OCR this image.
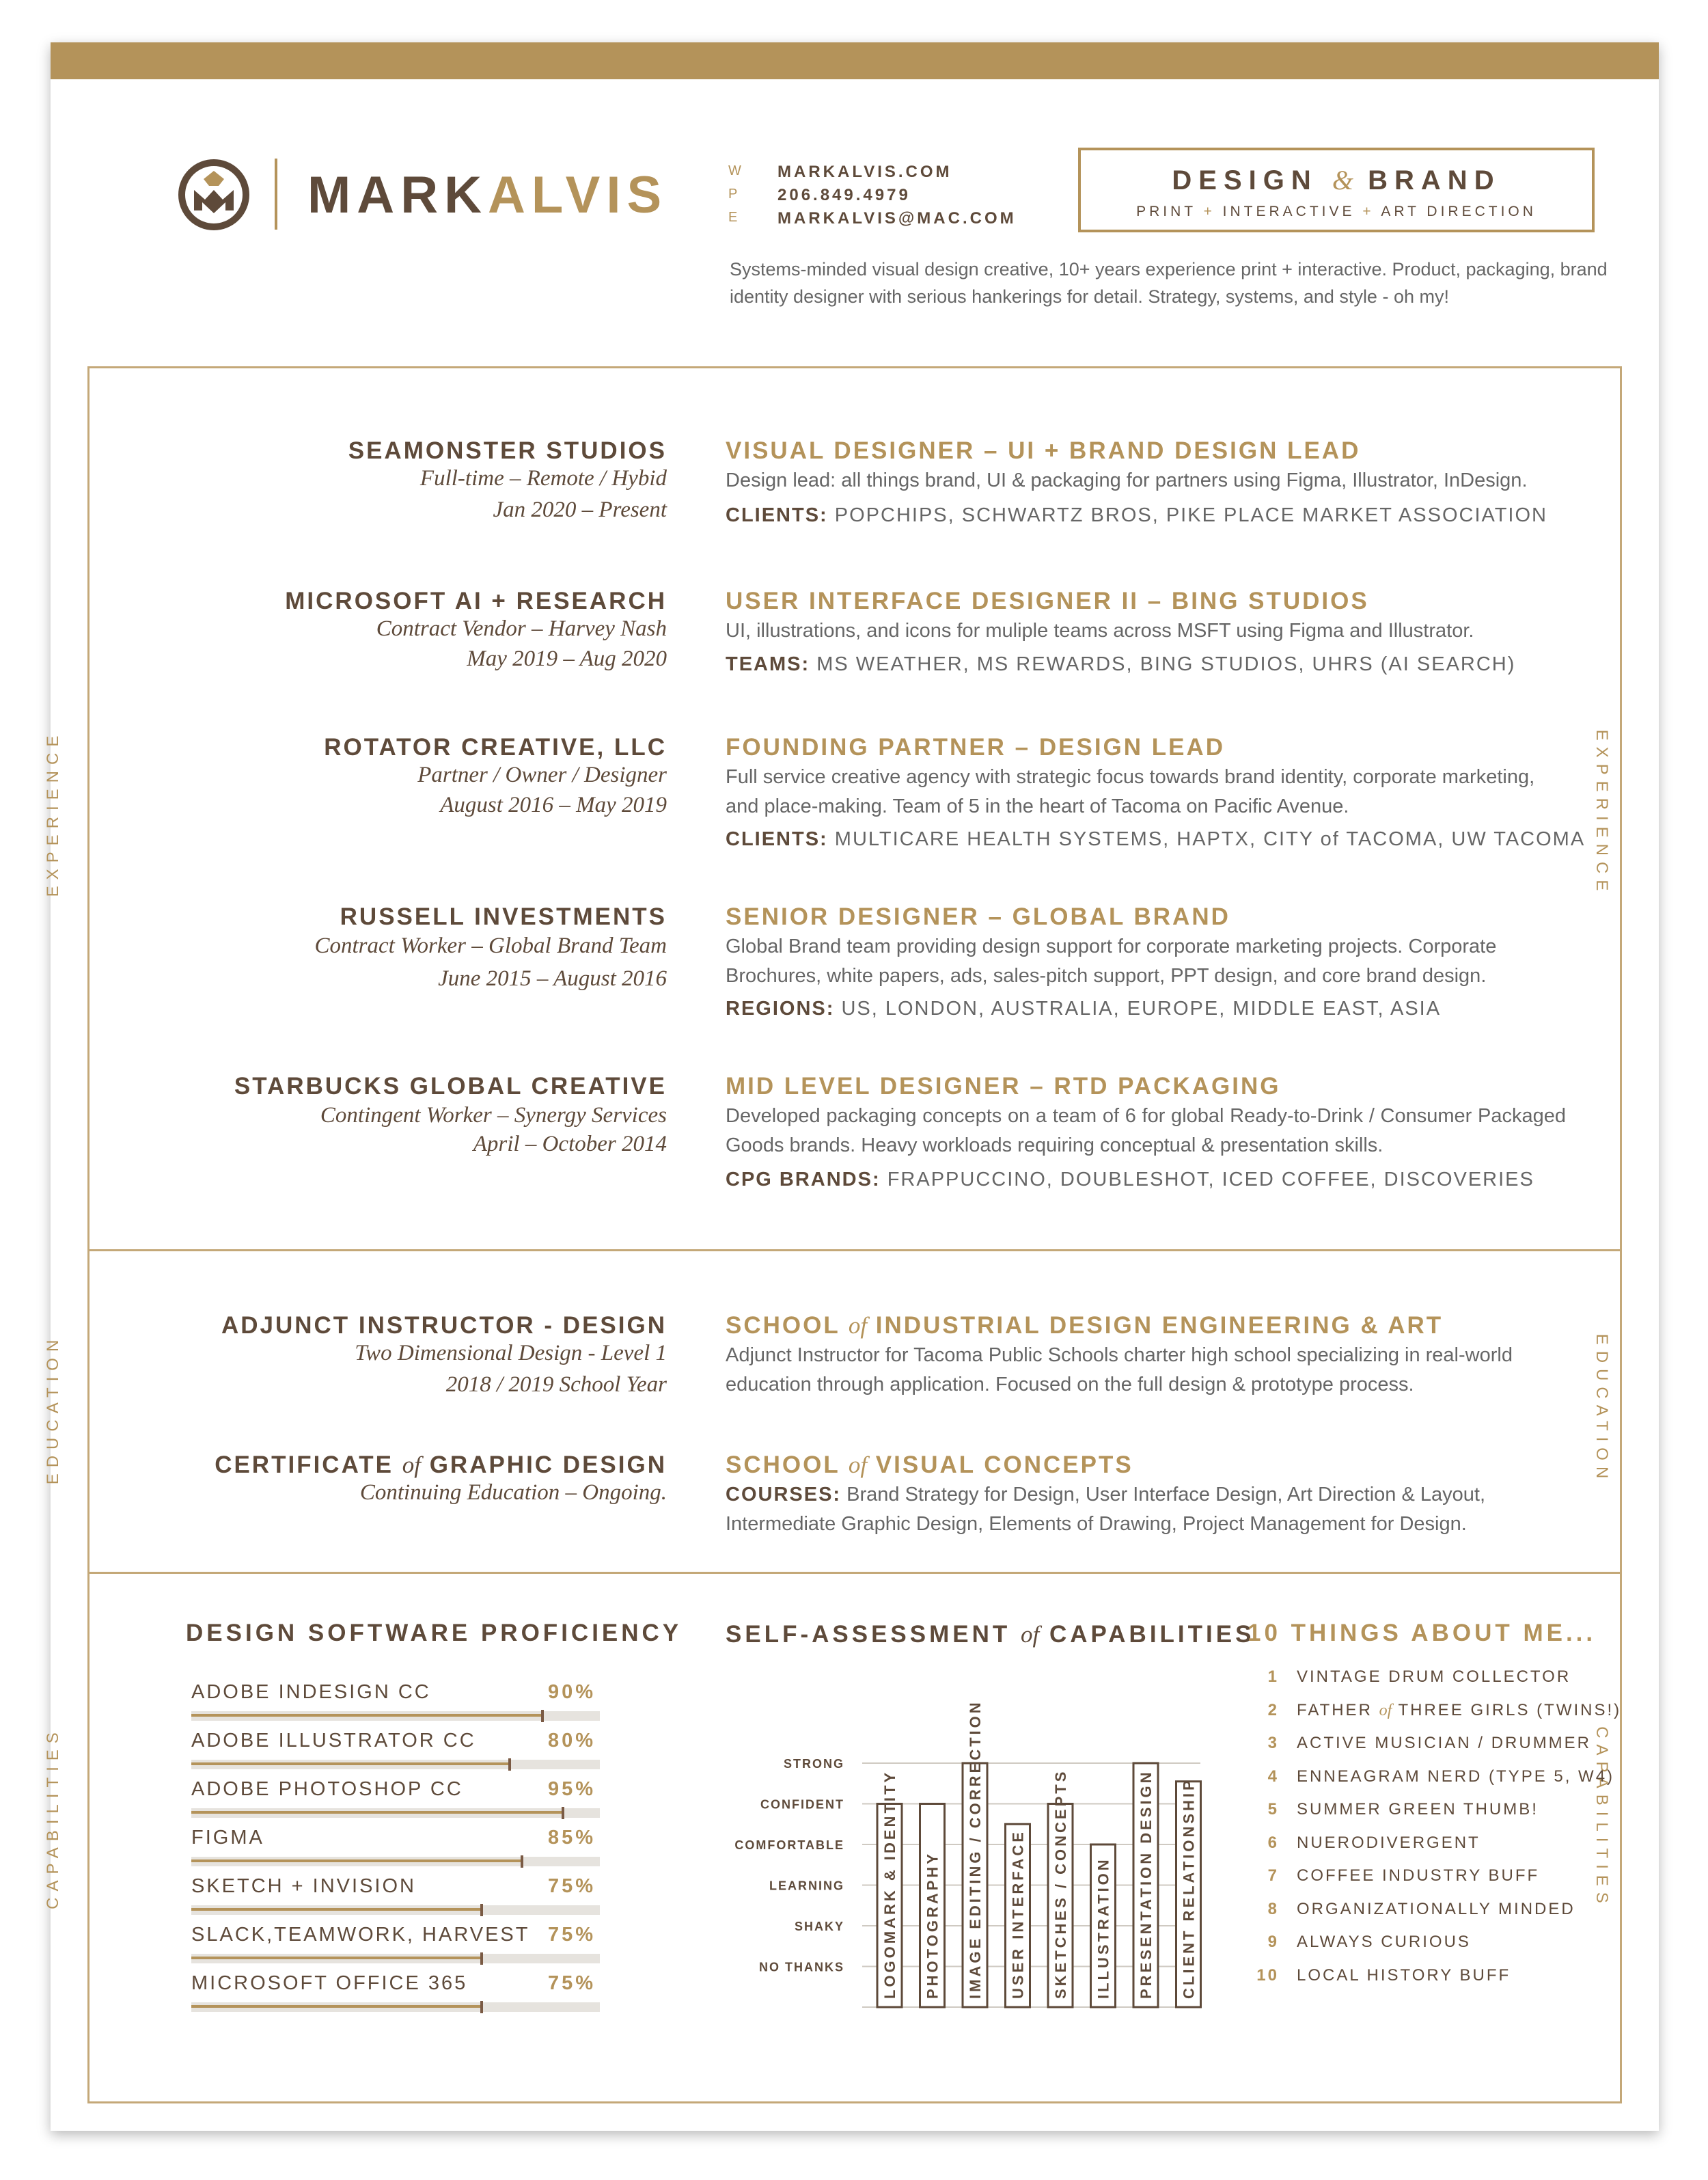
MARKALVIS	W MARKALVIS.COM
P 206.849.4979
E MARKALVIS@MAC.COM
DESIGN & BRAND
PRINT + INTERACTIVE + ART DIRECTION
Systems-minded visual design creative, 10+ years experience print + interactive. Product, packaging, brand identity designer with serious hankerings for detail. Strategy, systems, and style - oh my!
EXPERIENCE	EXPERIENCE
EDUCATION	EDUCATION
CAPABILITIES	CAPABILITIES
SEAMONSTER STUDIOS
Full-time – Remote / Hybid
Jan 2020 – Present
VISUAL DESIGNER – UI + BRAND DESIGN LEAD
Design lead: all things brand, UI & packaging for partners using Figma, Illustrator, InDesign.
CLIENTS: POPCHIPS, SCHWARTZ BROS, PIKE PLACE MARKET ASSOCIATION
MICROSOFT AI + RESEARCH
Contract Vendor – Harvey Nash
May 2019 – Aug 2020
USER INTERFACE DESIGNER II – BING STUDIOS
UI, illustrations, and icons for muliple teams across MSFT using Figma and Illustrator.
TEAMS: MS WEATHER, MS REWARDS, BING STUDIOS, UHRS (AI SEARCH)
ROTATOR CREATIVE, LLC
Partner / Owner / Designer
August 2016 – May 2019
FOUNDING PARTNER – DESIGN LEAD
Full service creative agency with strategic focus towards brand identity, corporate marketing, and place-making. Team of 5 in the heart of Tacoma on Pacific Avenue.
CLIENTS: MULTICARE HEALTH SYSTEMS, HAPTX, CITY of TACOMA, UW TACOMA
RUSSELL INVESTMENTS
Contract Worker – Global Brand Team
June 2015 – August 2016
SENIOR DESIGNER – GLOBAL BRAND
Global Brand team providing design support for corporate marketing projects. Corporate Brochures, white papers, ads, sales-pitch support, PPT design, and core brand design.
REGIONS: US, LONDON, AUSTRALIA, EUROPE, MIDDLE EAST, ASIA
STARBUCKS GLOBAL CREATIVE
Contingent Worker – Synergy Services
April – October 2014
MID LEVEL DESIGNER – RTD PACKAGING
Developed packaging concepts on a team of 6 for global Ready-to-Drink / Consumer Packaged Goods brands. Heavy workloads requiring conceptual & presentation skills.
CPG BRANDS: FRAPPUCCINO, DOUBLESHOT, ICED COFFEE, DISCOVERIES
ADJUNCT INSTRUCTOR - DESIGN
Two Dimensional Design - Level 1
2018 / 2019 School Year
SCHOOL of INDUSTRIAL DESIGN ENGINEERING & ART
Adjunct Instructor for Tacoma Public Schools charter high school specializing in real-world education through application. Focused on the full design & prototype process.
CERTIFICATE of GRAPHIC DESIGN
Continuing Education – Ongoing.
SCHOOL of VISUAL CONCEPTS
COURSES: Brand Strategy for Design, User Interface Design, Art Direction & Layout, Intermediate Graphic Design, Elements of Drawing, Project Management for Design.
DESIGN SOFTWARE PROFICIENCY
ADOBE INDESIGN CC	90%
ADOBE ILLUSTRATOR CC	80%
ADOBE PHOTOSHOP CC	95%
FIGMA	85%
SKETCH + INVISION	75%
SLACK,TEAMWORK, HARVEST 75%
MICROSOFT OFFICE 365	75%
SELF-ASSESSMENT of CAPABILITIES
NO THANKS
SHAKY
LEARNING
COMFORTABLE
CONFIDENT
STRONG
LOGOMARK & IDENTITY PHOTOGRAPHY IMAGE EDITING / CORRECTION USER INTERFACE SKETCHES / CONCEPTS ILLUSTRATION PRESENTATION DESIGN CLIENT RELATIONSHIP
10 THINGS ABOUT ME...
1 VINTAGE DRUM COLLECTOR
2 FATHER of THREE GIRLS (TWINS!)
3 ACTIVE MUSICIAN / DRUMMER
4 ENNEAGRAM NERD (TYPE 5, W4)
5 SUMMER GREEN THUMB!
6 NUERODIVERGENT
7 COFFEE INDUSTRY BUFF
8 ORGANIZATIONALLY MINDED
9 ALWAYS CURIOUS
10 LOCAL HISTORY BUFF
